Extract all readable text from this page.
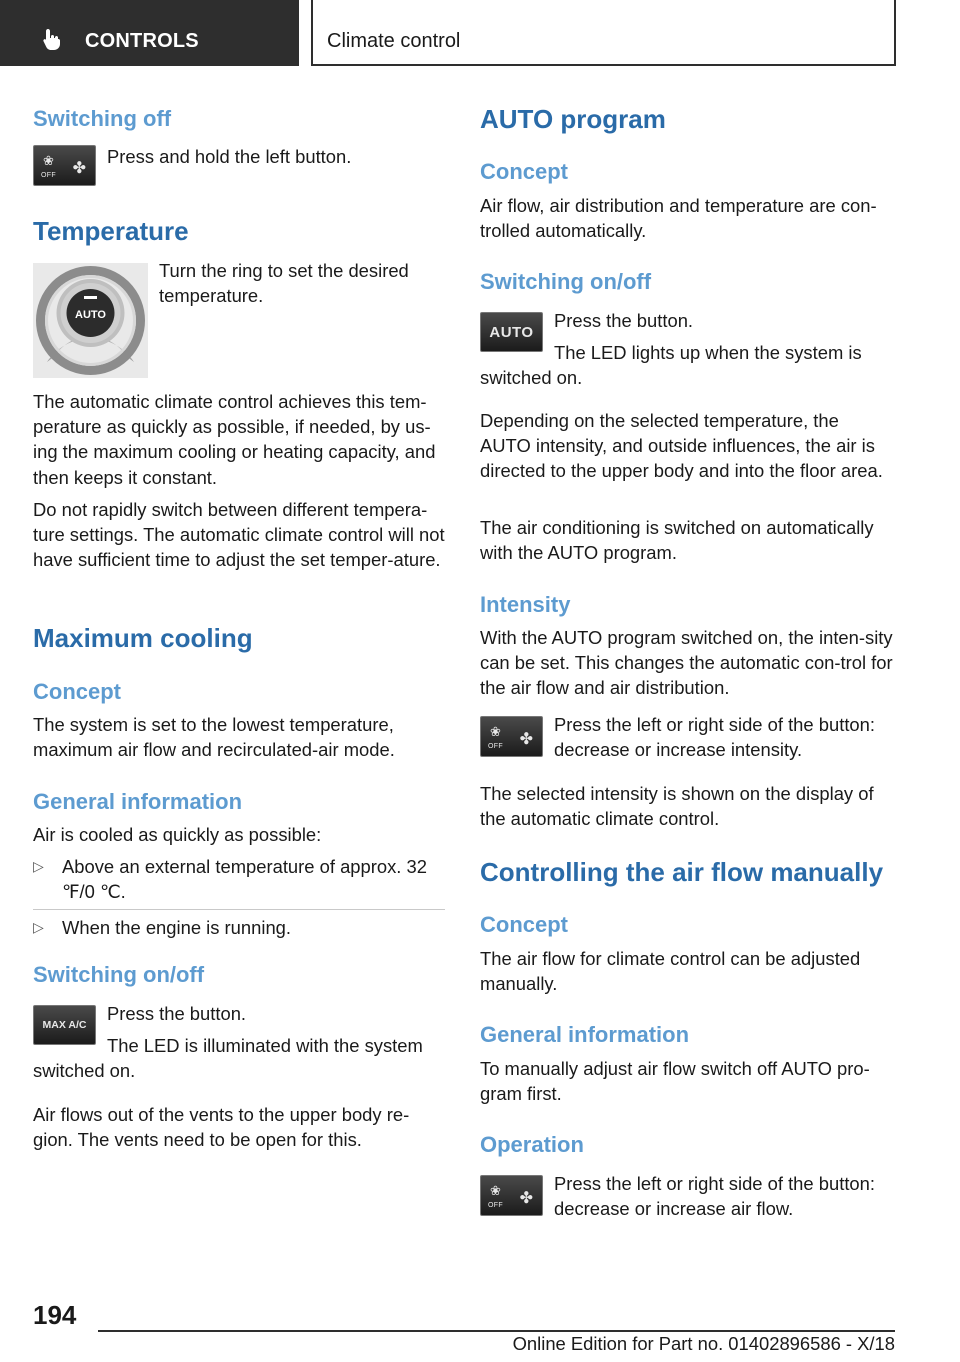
CONTROLS	Climate control
Switching off
❀
OFF ✤

Press and hold the left button.

Temperature
AUTO

Turn the ring to set the desired temperature.

The automatic climate control achieves this tem-perature as quickly as possible, if needed, by us-ing the maximum cooling or heating capacity, and then keeps it constant.

Do not rapidly switch between different tempera-ture settings. The automatic climate control will not have sufficient time to adjust the set temper-ature.

Maximum cooling
Concept

The system is set to the lowest temperature, maximum air flow and recirculated-air mode.

General information

Air is cooled as quickly as possible:

▷ Above an external temperature of approx. 32 ℉/0 ℃.
▷ When the engine is running.
Switching on/off
MAX A/C

Press the button.

The LED is illuminated with the system switched on.

Air flows out of the vents to the upper body re-gion. The vents need to be open for this.

AUTO program
Concept

Air flow, air distribution and temperature are con-trolled automatically.

Switching on/off
AUTO

Press the button.

The LED lights up when the system is switched on.

Depending on the selected temperature, the AUTO intensity, and outside influences, the air is directed to the upper body and into the floor area.

The air conditioning is switched on automatically with the AUTO program.

Intensity

With the AUTO program switched on, the inten-sity can be set. This changes the automatic con-trol for the air flow and air distribution.

❀
OFF ✤

Press the left or right side of the button: decrease or increase intensity.

The selected intensity is shown on the display of the automatic climate control.

Controlling the air flow manually
Concept

The air flow for climate control can be adjusted manually.

General information

To manually adjust air flow switch off AUTO pro-gram first.

Operation
❀
OFF ✤

Press the left or right side of the button: decrease or increase air flow.

194
Online Edition for Part no. 01402896586 - X/18
